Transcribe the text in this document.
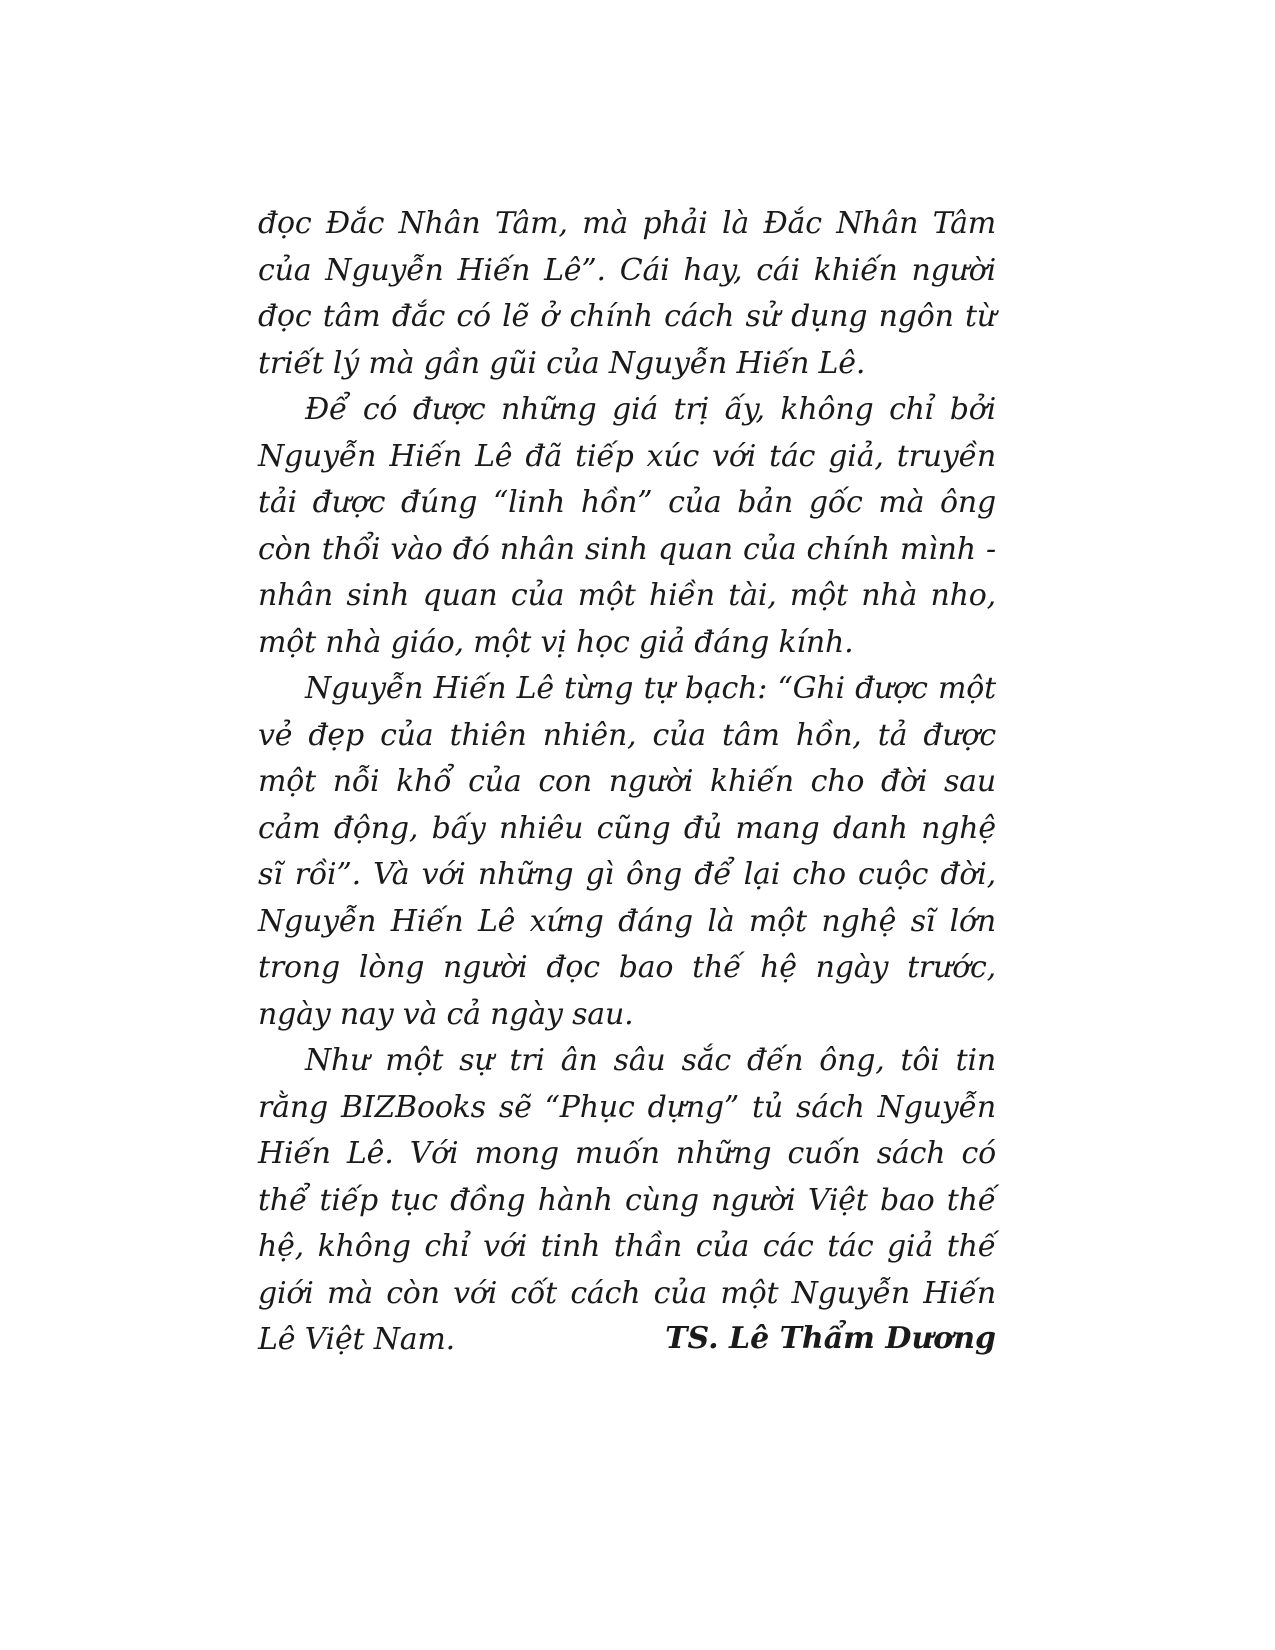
đọc Đắc Nhân Tâm, mà phải là Đắc Nhân Tâm của Nguyễn Hiến Lê”. Cái hay, cái khiến người đọc tâm đắc có lẽ ở chính cách sử dụng ngôn từ triết lý mà gần gũi của Nguyễn Hiến Lê.

Để có được những giá trị ấy, không chỉ bởi Nguyễn Hiến Lê đã tiếp xúc với tác giả, truyền tải được đúng “linh hồn” của bản gốc mà ông còn thổi vào đó nhân sinh quan của chính mình - nhân sinh quan của một hiền tài, một nhà nho, một nhà giáo, một vị học giả đáng kính.

Nguyễn Hiến Lê từng tự bạch: “Ghi được một vẻ đẹp của thiên nhiên, của tâm hồn, tả được một nỗi khổ của con người khiến cho đời sau cảm động, bấy nhiêu cũng đủ mang danh nghệ sĩ rồi”. Và với những gì ông để lại cho cuộc đời, Nguyễn Hiến Lê xứng đáng là một nghệ sĩ lớn trong lòng người đọc bao thế hệ ngày trước, ngày nay và cả ngày sau.

Như một sự tri ân sâu sắc đến ông, tôi tin rằng BIZBooks sẽ “Phục dựng” tủ sách Nguyễn Hiến Lê. Với mong muốn những cuốn sách có thể tiếp tục đồng hành cùng người Việt bao thế hệ, không chỉ với tinh thần của các tác giả thế giới mà còn với cốt cách của một Nguyễn Hiến Lê Việt Nam.	TS. Lê Thẩm Dương
